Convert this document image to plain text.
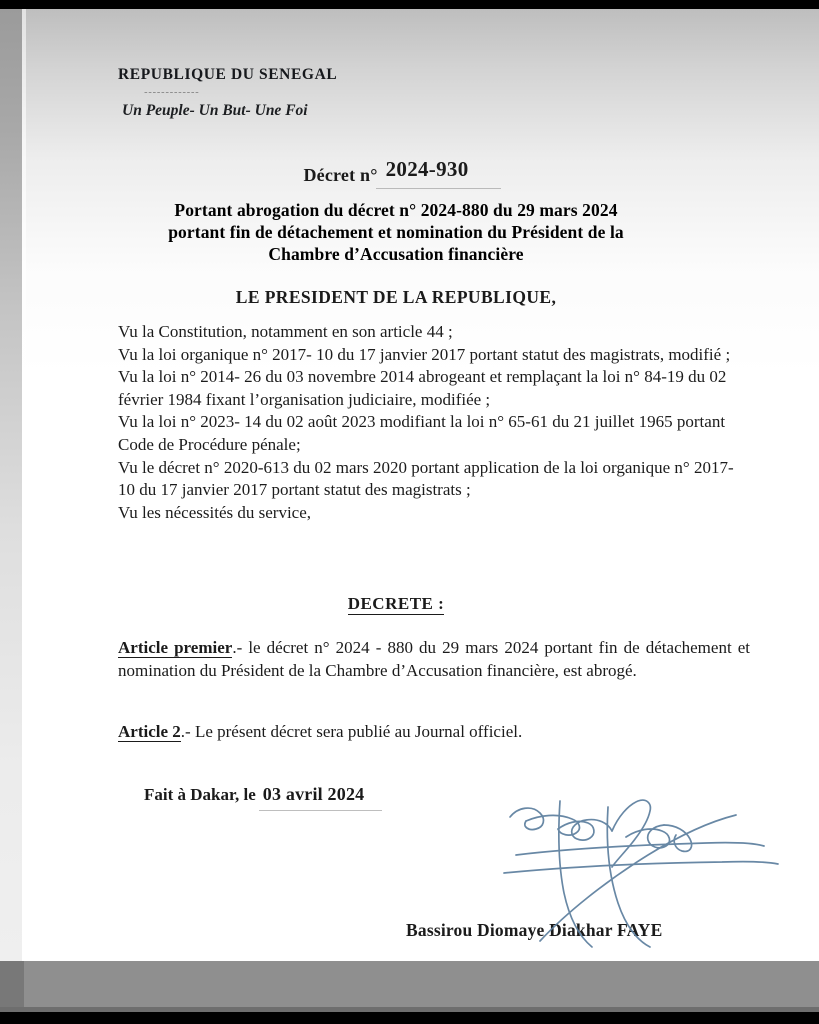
REPUBLIQUE DU SENEGAL
-------------
Un Peuple- Un But- Une Foi
Décret n° 2024-930
Portant abrogation du décret n° 2024-880 du 29 mars 2024
portant fin de détachement et nomination du Président de la
Chambre d’Accusation financière
LE PRESIDENT DE LA REPUBLIQUE,

Vu la Constitution, notamment en son article 44 ;

Vu la loi organique n° 2017- 10 du 17 janvier 2017 portant statut des magistrats, modifié ;

Vu la loi n° 2014- 26 du 03 novembre 2014 abrogeant et remplaçant la loi n° 84-19 du 02 février 1984 fixant l’organisation judiciaire, modifiée ;

Vu la loi n° 2023- 14 du 02 août 2023 modifiant la loi n° 65-61 du 21 juillet 1965 portant Code de Procédure pénale;

Vu le décret n° 2020-613 du 02 mars 2020 portant application de la loi organique n° 2017-10 du 17 janvier 2017 portant statut des magistrats ;

Vu les nécessités du service,

DECRETE :
Article premier.- le décret n° 2024 - 880 du 29 mars 2024 portant fin de détachement et nomination du Président de la Chambre d’Accusation financière, est abrogé.
Article 2.- Le présent décret sera publié au Journal officiel.
Fait à Dakar, le 03 avril 2024
Bassirou Diomaye Diakhar FAYE
